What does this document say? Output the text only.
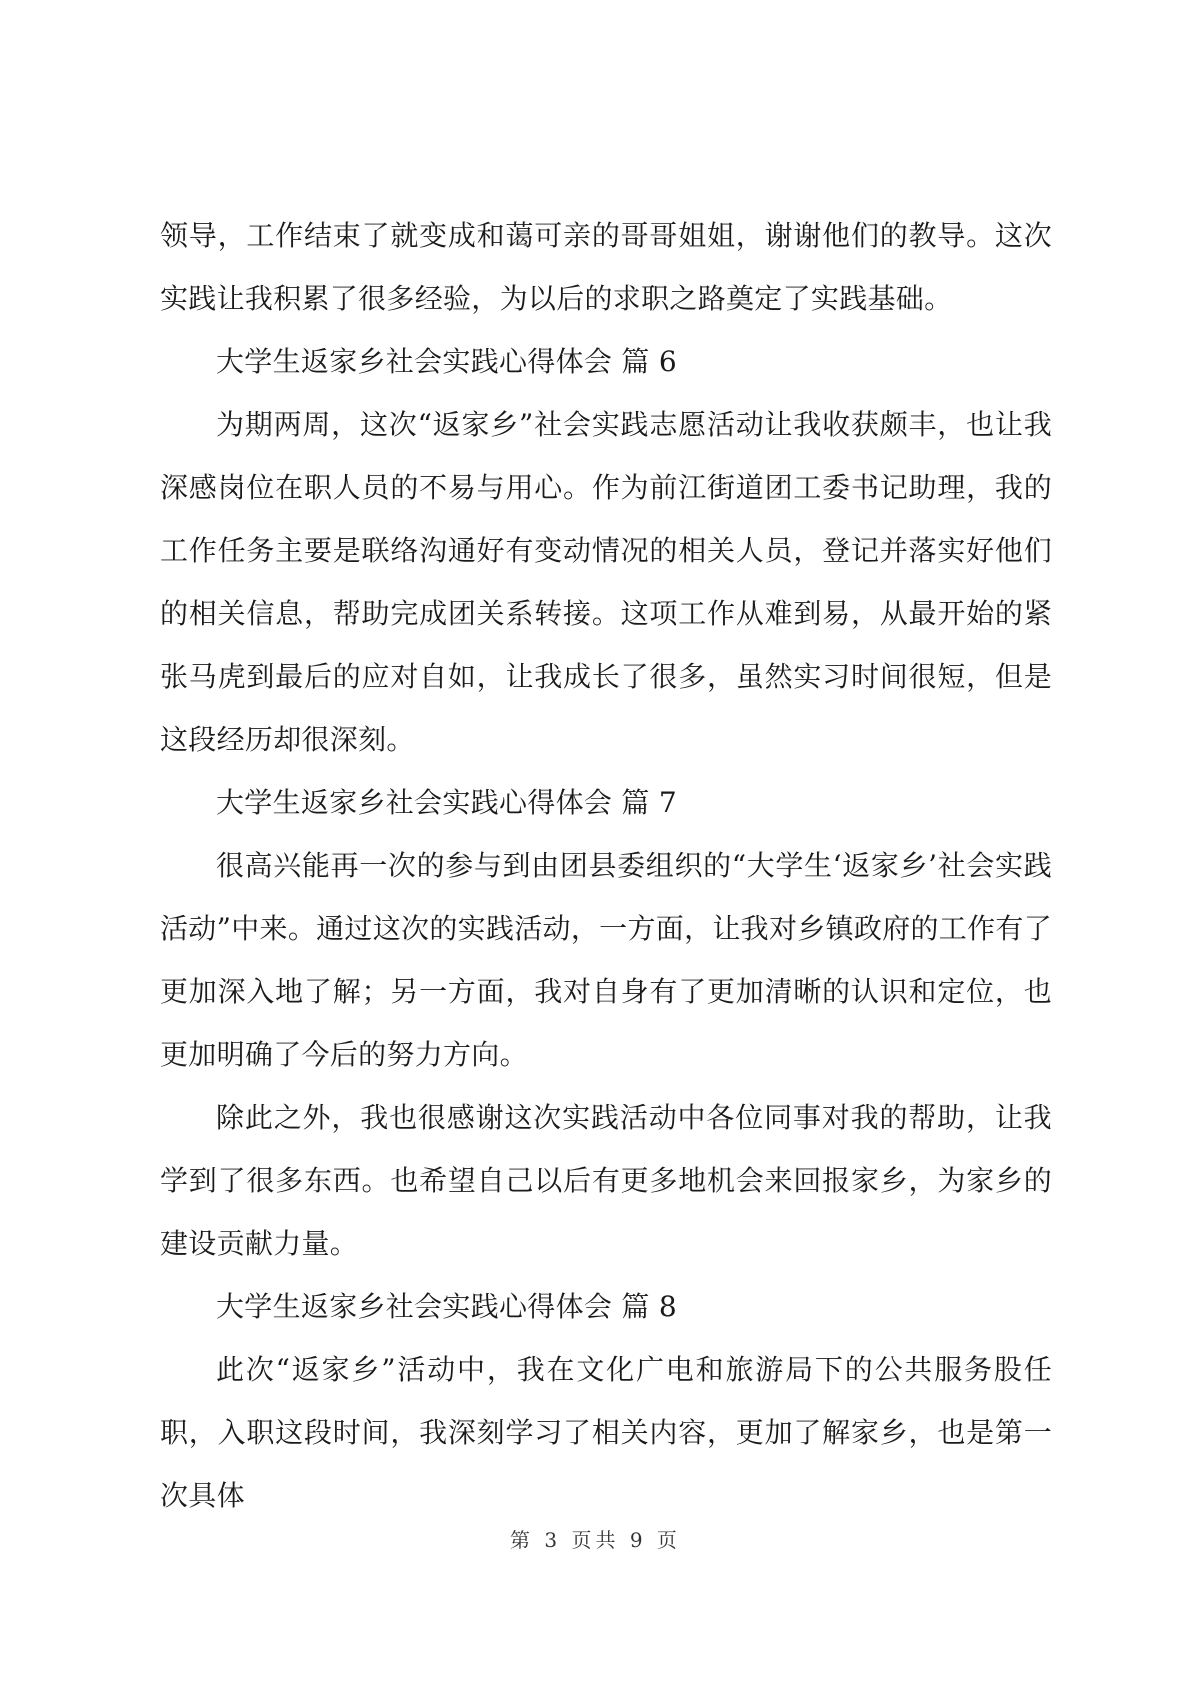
领导，工作结束了就变成和蔼可亲的哥哥姐姐，谢谢他们的教导。这次实践让我积累了很多经验，为以后的求职之路奠定了实践基础。

大学生返家乡社会实践心得体会 篇 6

为期两周，这次“返家乡”社会实践志愿活动让我收获颇丰，也让我深感岗位在职人员的不易与用心。作为前江街道团工委书记助理，我的工作任务主要是联络沟通好有变动情况的相关人员，登记并落实好他们的相关信息，帮助完成团关系转接。这项工作从难到易，从最开始的紧张马虎到最后的应对自如，让我成长了很多，虽然实习时间很短，但是这段经历却很深刻。

大学生返家乡社会实践心得体会 篇 7

很高兴能再一次的参与到由团县委组织的“大学生‘返家乡’社会实践活动”中来。通过这次的实践活动，一方面，让我对乡镇政府的工作有了更加深入地了解；另一方面，我对自身有了更加清晰的认识和定位，也更加明确了今后的努力方向。

除此之外，我也很感谢这次实践活动中各位同事对我的帮助，让我学到了很多东西。也希望自己以后有更多地机会来回报家乡，为家乡的建设贡献力量。

大学生返家乡社会实践心得体会 篇 8

此次“返家乡”活动中，我在文化广电和旅游局下的公共服务股任职，入职这段时间，我深刻学习了相关内容，更加了解家乡，也是第一次具体

第 3 页共 9 页
